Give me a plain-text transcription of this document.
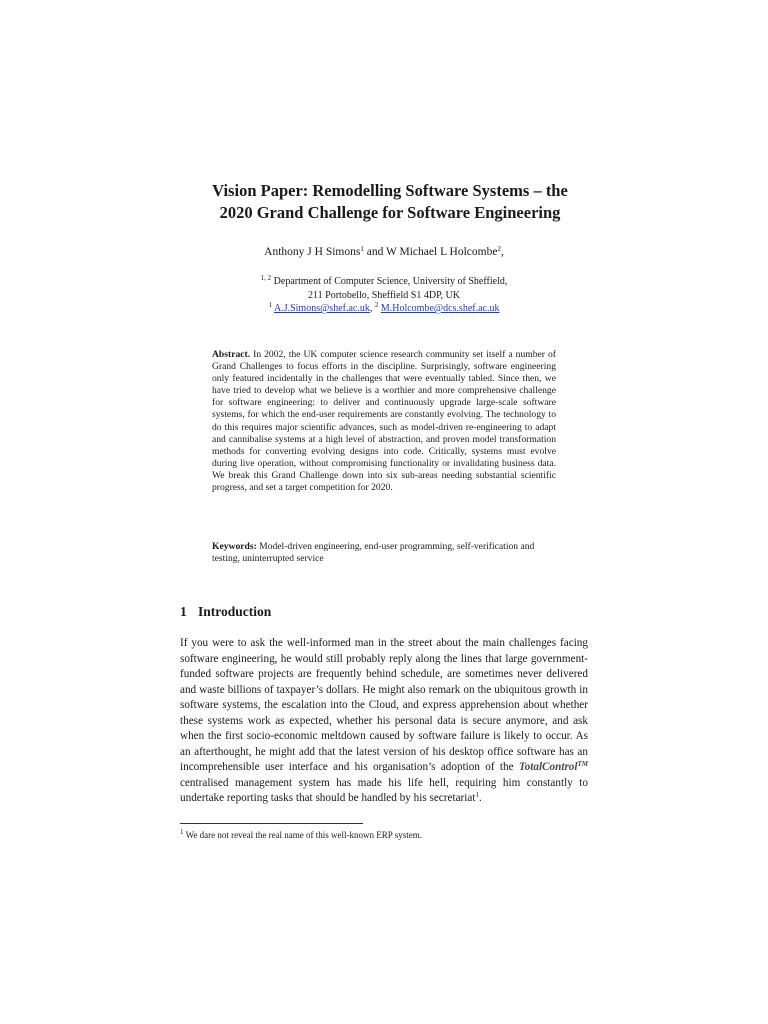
Vision Paper: Remodelling Software Systems – the
2020 Grand Challenge for Software Engineering
Anthony J H Simons$^1$ and W Michael L Holcombe$^2$,
$^{1, 2}$ Department of Computer Science, University of Sheffield,
211 Portobello, Sheffield S1 4DP, UK
$^1$ A.J.Simons@shef.ac.uk, $^2$ M.Holcombe@dcs.shef.ac.uk
Abstract. In 2002, the UK computer science research community set itself a number of Grand Challenges to focus efforts in the discipline. Surprisingly, software engineering only featured incidentally in the challenges that were eventually tabled. Since then, we have tried to develop what we believe is a worthier and more comprehensive challenge for software engineering: to deliver and continuously upgrade large-scale software systems, for which the end-user requirements are constantly evolving. The technology to do this requires major scientific advances, such as model-driven re-engineering to adapt and cannibalise systems at a high level of abstraction, and proven model transformation methods for converting evolving designs into code. Critically, systems must evolve during live operation, without compromising functionality or invalidating business data. We break this Grand Challenge down into six sub-areas needing substantial scientific progress, and set a target competition for 2020.
Keywords: Model-driven engineering, end-user programming, self-verification and testing, uninterrupted service
1 Introduction
If you were to ask the well-informed man in the street about the main challenges facing software engineering, he would still probably reply along the lines that large government-funded software projects are frequently behind schedule, are sometimes never delivered and waste billions of taxpayer’s dollars. He might also remark on the ubiquitous growth in software systems, the escalation into the Cloud, and express apprehension about whether these systems work as expected, whether his personal data is secure anymore, and ask when the first socio-economic meltdown caused by software failure is likely to occur. As an afterthought, he might add that the latest version of his desktop office software has an incomprehensible user interface and his organisation’s adoption of the TotalControl™ centralised management system has made his life hell, requiring him constantly to undertake reporting tasks that should be handled by his secretariat$^1$.
$^1$ We dare not reveal the real name of this well-known ERP system.
